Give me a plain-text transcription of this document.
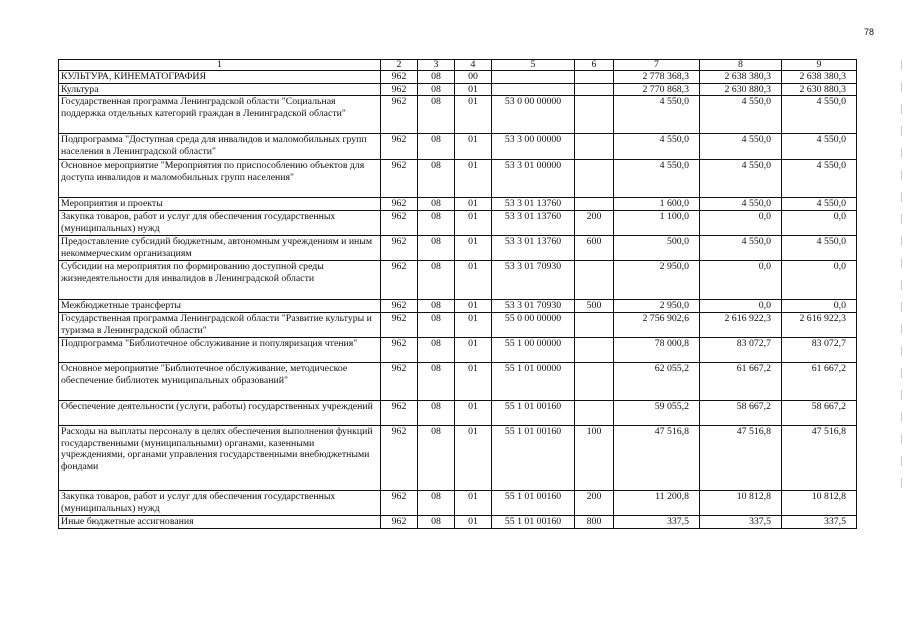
78
1	2	3	4	5	6	7	8	9
КУЛЬТУРА, КИНЕМАТОГРАФИЯ	962	08	00			2 778 368,3	2 638 380,3	2 638 380,3
Культура	962	08	01			2 770 868,3	2 630 880,3	2 630 880,3
Государственная программа Ленинградской области "Социальная поддержка отдельных категорий граждан в Ленинградской области"	962	08	01	53 0 00 00000		4 550,0	4 550,0	4 550,0
Подпрограмма "Доступная среда для инвалидов и маломобильных групп населения в Ленинградской области"	962	08	01	53 3 00 00000		4 550,0	4 550,0	4 550,0
Основное мероприятие "Мероприятия по приспособлению объектов для доступа инвалидов и маломобильных групп населения"	962	08	01	53 3 01 00000		4 550,0	4 550,0	4 550,0
Мероприятия и проекты	962	08	01	53 3 01 13760		1 600,0	4 550,0	4 550,0
Закупка товаров, работ и услуг для обеспечения государственных (муниципальных) нужд	962	08	01	53 3 01 13760	200	1 100,0	0,0	0,0
Предоставление субсидий бюджетным, автономным учреждениям и иным некоммерческим организациям	962	08	01	53 3 01 13760	600	500,0	4 550,0	4 550,0
Субсидии на мероприятия по формированию доступной среды жизнедеятельности для инвалидов в Ленинградской области	962	08	01	53 3 01 70930		2 950,0	0,0	0,0
Межбюджетные трансферты	962	08	01	53 3 01 70930	500	2 950,0	0,0	0,0
Государственная программа Ленинградской области "Развитие культуры и туризма в Ленинградской области"	962	08	01	55 0 00 00000		2 756 902,6	2 616 922,3	2 616 922,3
Подпрограмма "Библиотечное обслуживание и популяризация чтения"	962	08	01	55 1 00 00000		78 000,8	83 072,7	83 072,7
Основное мероприятие "Библиотечное обслуживание, методическое обеспечение библиотек муниципальных образований"	962	08	01	55 1 01 00000		62 055,2	61 667,2	61 667,2
Обеспечение деятельности (услуги, работы) государственных учреждений	962	08	01	55 1 01 00160		59 055,2	58 667,2	58 667,2
Расходы на выплаты персоналу в целях обеспечения выполнения функций государственными (муниципальными) органами, казенными учреждениями, органами управления государственными внебюджетными фондами	962	08	01	55 1 01 00160	100	47 516,8	47 516,8	47 516,8
Закупка товаров, работ и услуг для обеспечения государственных (муниципальных) нужд	962	08	01	55 1 01 00160	200	11 200,8	10 812,8	10 812,8
Иные бюджетные ассигнования	962	08	01	55 1 01 00160	800	337,5	337,5	337,5
